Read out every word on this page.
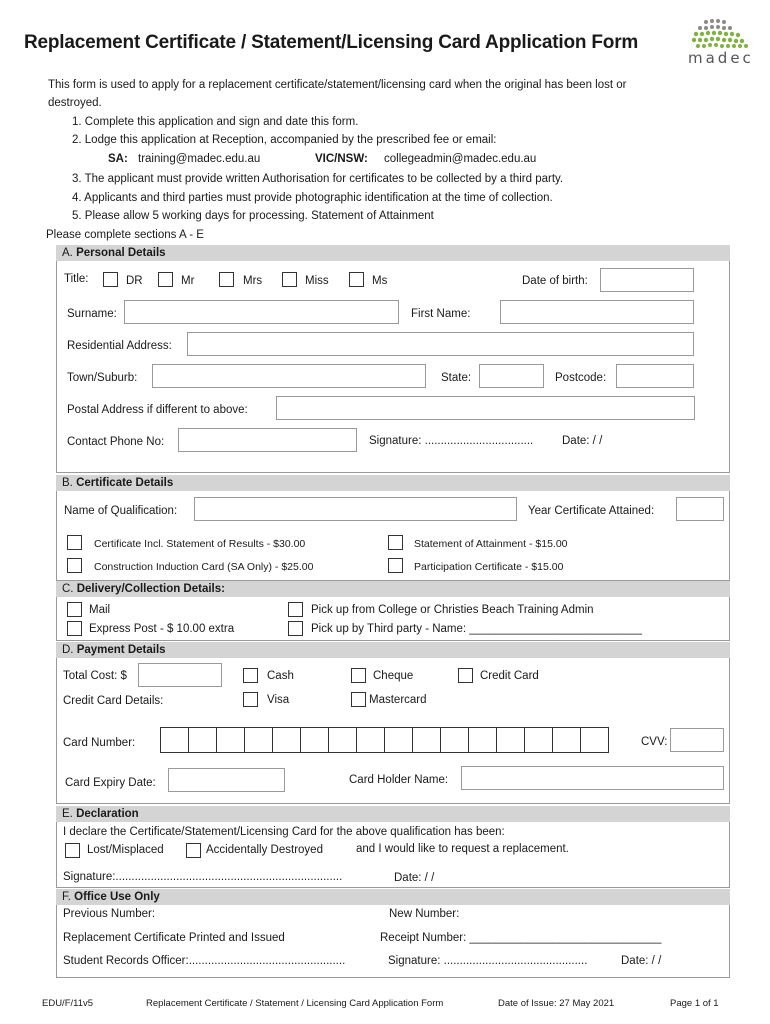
Replacement Certificate / Statement/Licensing Card Application Form
madec
This form is used to apply for a replacement certificate/statement/licensing card when the original has been lost or
destroyed.
1. Complete this application and sign and date this form.
2. Lodge this application at Reception, accompanied by the prescribed fee or email:
SA: training@madec.edu.au	VIC/NSW: collegeadmin@madec.edu.au
3. The applicant must provide written Authorisation for certificates to be collected by a third party.
4. Applicants and third parties must provide photographic identification at the time of collection.
5. Please allow 5 working days for processing. Statement of Attainment
Please complete sections A - E
A. Personal Details
Title:	DR	Mr	Mrs	Miss	Ms	Date of birth:
Surname:	First Name:
Residential Address:
Town/Suburb:	State:	Postcode:
Postal Address if different to above:
Contact Phone No:	Signature: .................................. Date: / /
B. Certificate Details
Name of Qualification:	Year Certificate Attained:
Certificate Incl. Statement of Results - $30.00	Statement of Attainment - $15.00
Construction Induction Card (SA Only) - $25.00	Participation Certificate - $15.00
C. Delivery/Collection Details:
Mail	Pick up from College or Christies Beach Training Admin
Express Post - $ 10.00 extra	Pick up by Third party - Name: ___________________________
D. Payment Details
Total Cost: $	Cash	Cheque	Credit Card
Credit Card Details:	Visa	Mastercard
Card Number:	CVV:
Card Expiry Date:	Card Holder Name:
E. Declaration
I declare the Certificate/Statement/Licensing Card for the above qualification has been:
Lost/Misplaced	Accidentally Destroyed	and I would like to request a replacement.
Signature:.......................................................................	Date: / /
F. Office Use Only
Previous Number:	New Number:
Replacement Certificate Printed and Issued	Receipt Number: ______________________________
Student Records Officer:.................................................	Signature: .............................................	Date: / /
EDU/F/11v5	Replacement Certificate / Statement / Licensing Card Application Form	Date of Issue: 27 May 2021	Page 1 of 1
